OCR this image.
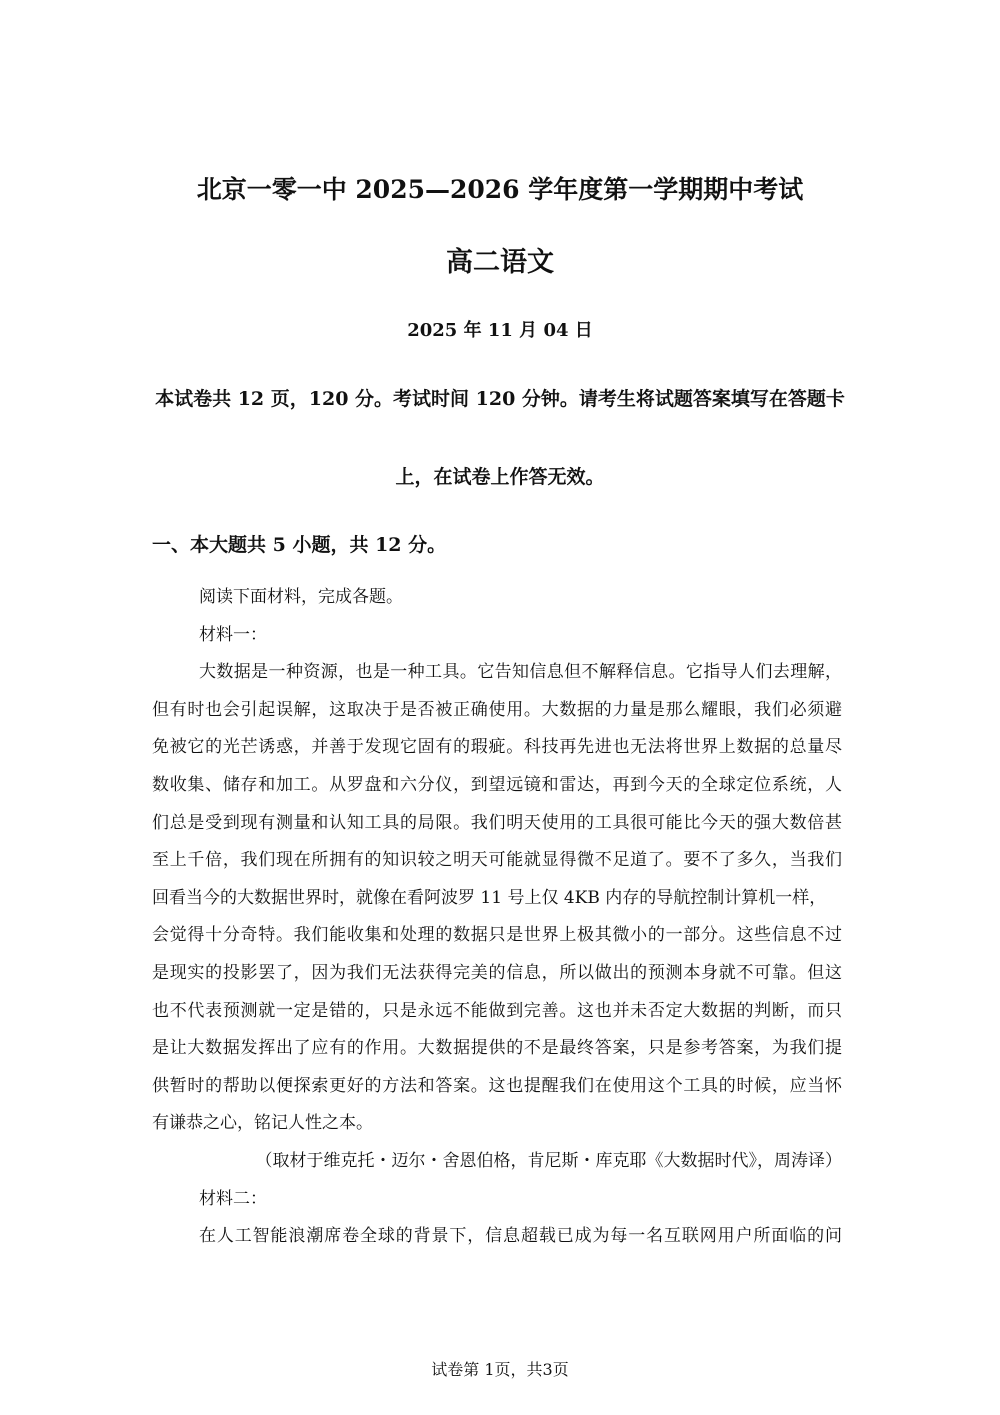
北京一零一中 2025—2026 学年度第一学期期中考试
高二语文
2025 年 11 月 04 日
本试卷共 12 页，120 分。考试时间 120 分钟。请考生将试题答案填写在答题卡
上，在试卷上作答无效。
一、本大题共 5 小题，共 12 分。
阅读下面材料，完成各题。
材料一：
大数据是一种资源，也是一种工具。它告知信息但不解释信息。它指导人们去理解，
但有时也会引起误解，这取决于是否被正确使用。大数据的力量是那么耀眼，我们必须避
免被它的光芒诱惑，并善于发现它固有的瑕疵。科技再先进也无法将世界上数据的总量尽
数收集、储存和加工。从罗盘和六分仪，到望远镜和雷达，再到今天的全球定位系统，人
们总是受到现有测量和认知工具的局限。我们明天使用的工具很可能比今天的强大数倍甚
至上千倍，我们现在所拥有的知识较之明天可能就显得微不足道了。要不了多久，当我们
回看当今的大数据世界时，就像在看阿波罗 11 号上仅 4KB 内存的导航控制计算机一样，
会觉得十分奇特。我们能收集和处理的数据只是世界上极其微小的一部分。这些信息不过
是现实的投影罢了，因为我们无法获得完美的信息，所以做出的预测本身就不可靠。但这
也不代表预测就一定是错的，只是永远不能做到完善。这也并未否定大数据的判断，而只
是让大数据发挥出了应有的作用。大数据提供的不是最终答案，只是参考答案，为我们提
供暂时的帮助以便探索更好的方法和答案。这也提醒我们在使用这个工具的时候，应当怀
有谦恭之心，铭记人性之本。
（取材于维克托・迈尔・舍恩伯格，肯尼斯・库克耶《大数据时代》，周涛译）
材料二：
在人工智能浪潮席卷全球的背景下，信息超载已成为每一名互联网用户所面临的问
试卷第 1页，共3页
